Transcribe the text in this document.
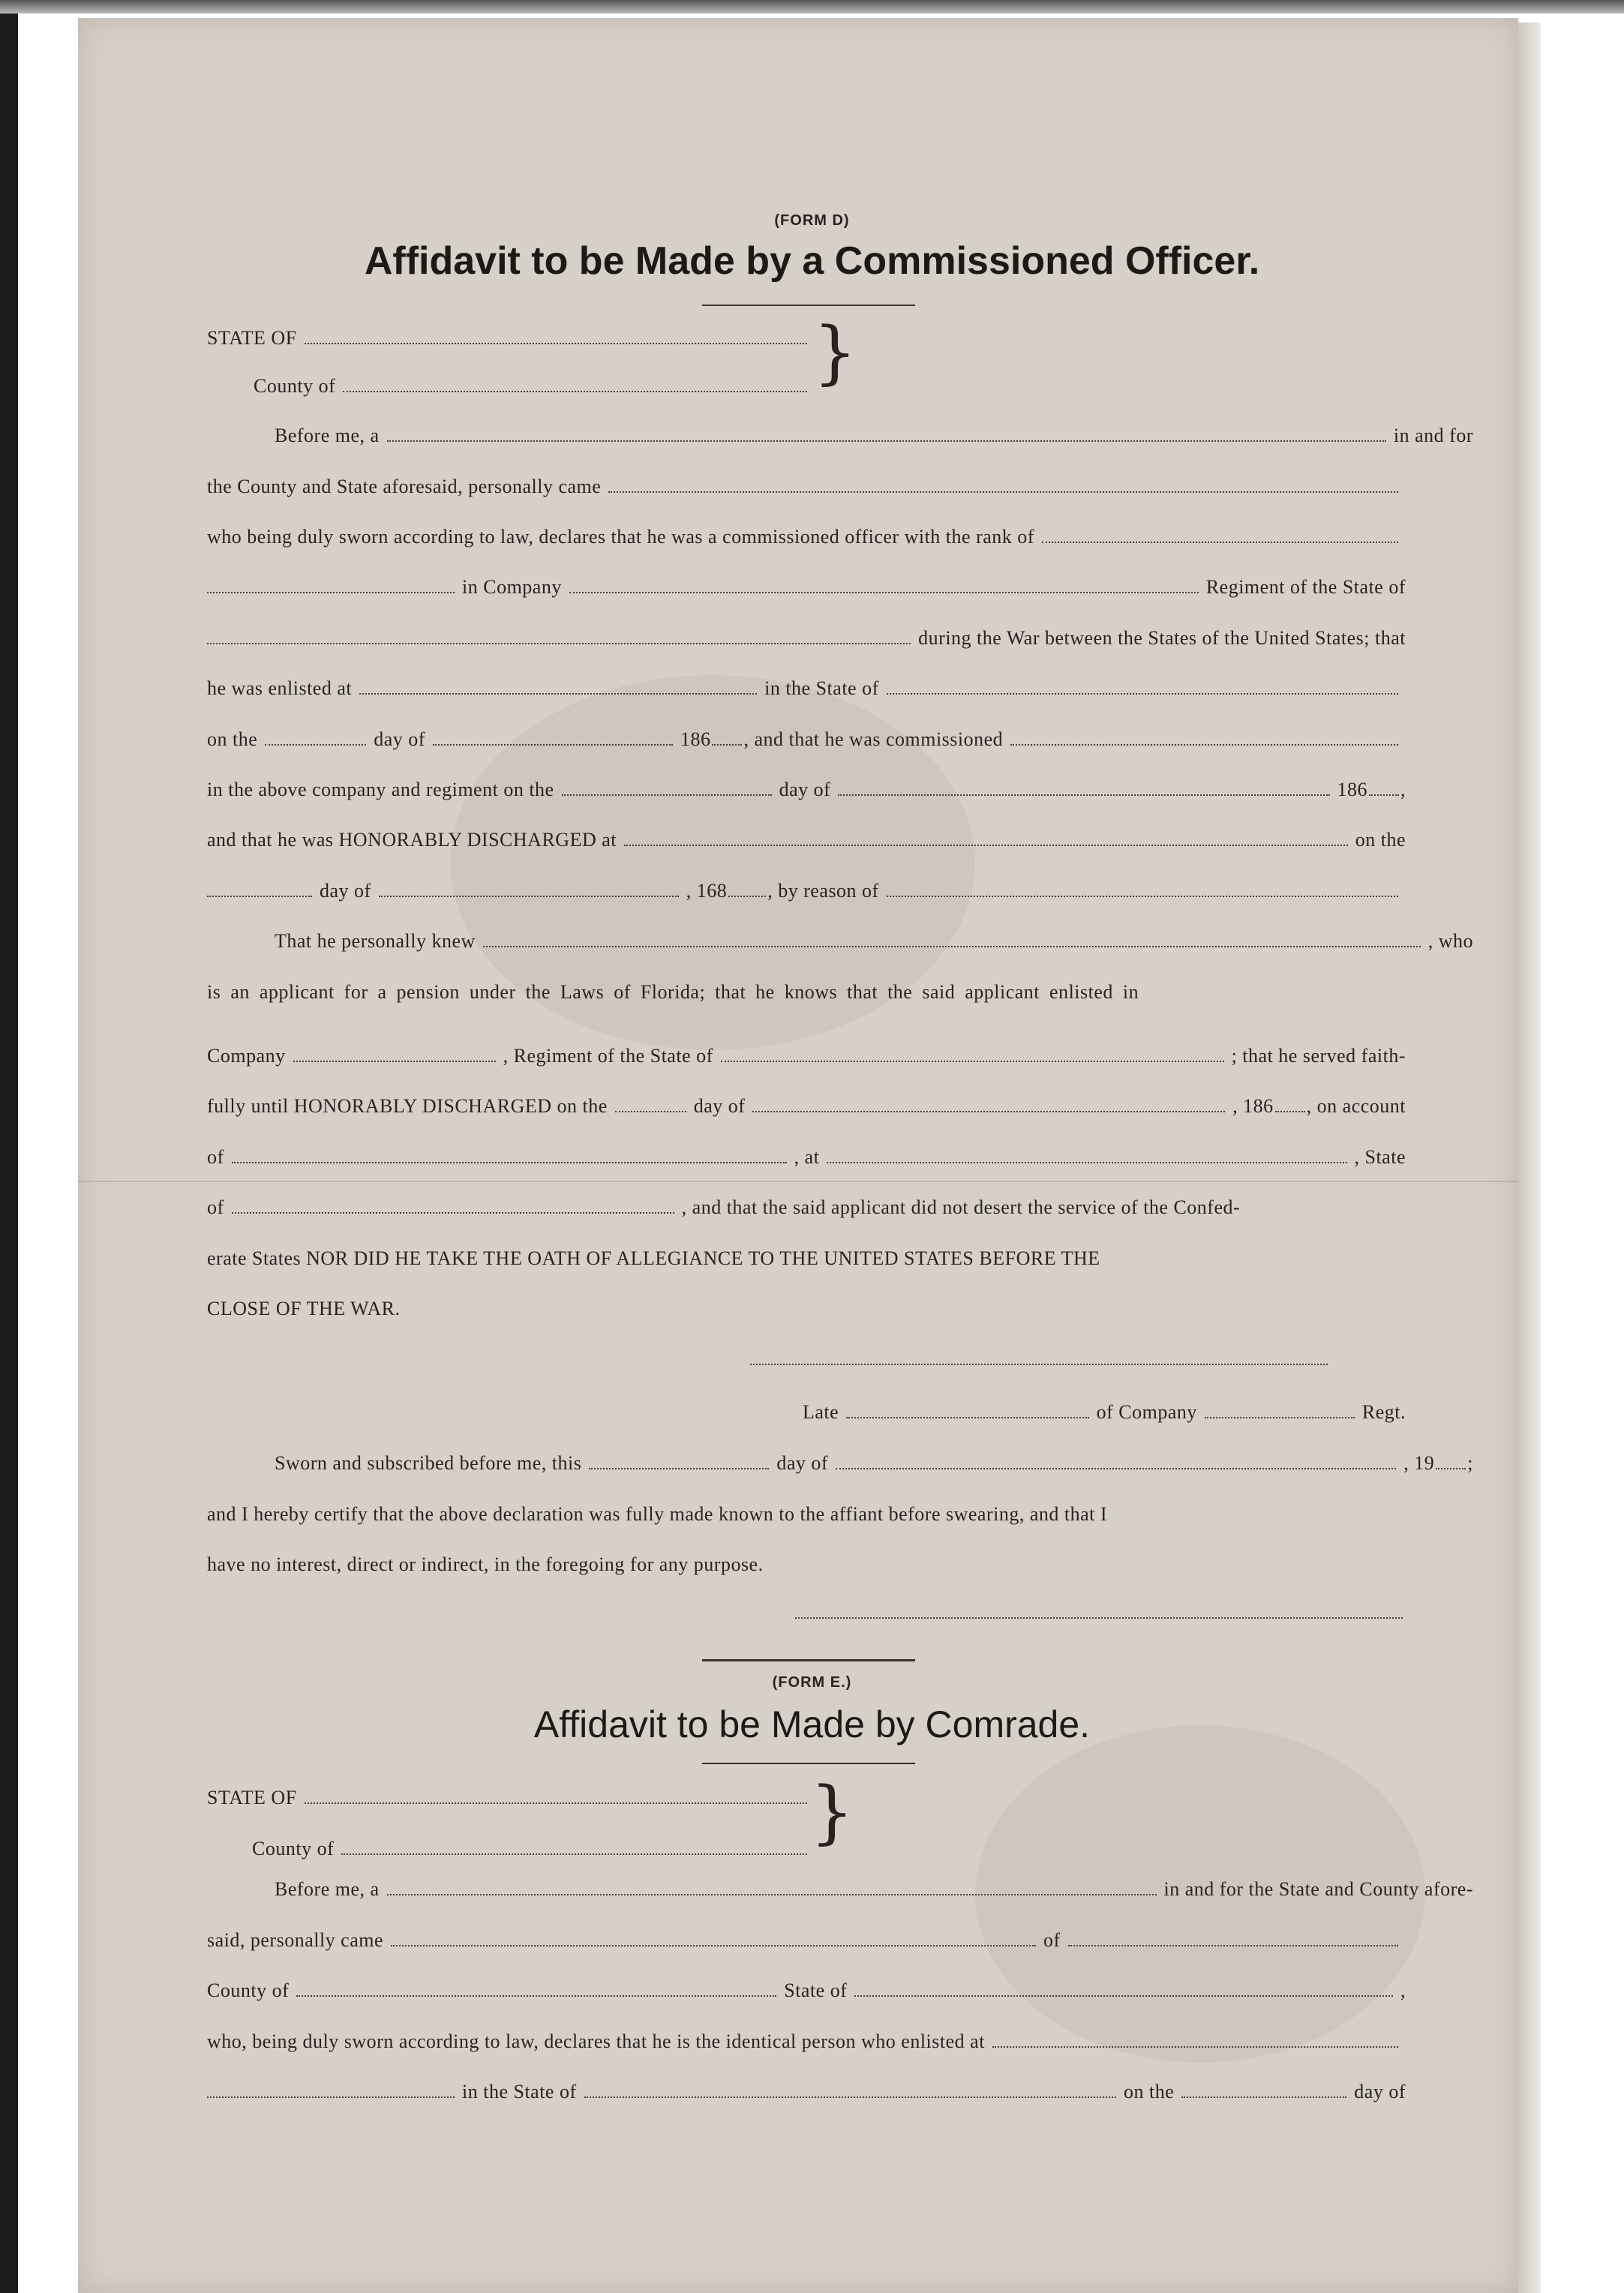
(FORM D)
Affidavit to be Made by a Commissioned Officer.
STATE OF
County of	}
Before me, a	in and for
the County and State aforesaid, personally came
who being duly sworn according to law, declares that he was a commissioned officer with the rank of
in Company	Regiment of the State of
during the War between the States of the United States; that
he was enlisted at	in the State of
on the	day of	186 , and that he was commissioned
in the above company and regiment on the	day of	186 ,
and that he was HONORABLY DISCHARGED at	on the
day of	, 168 , by reason of
That he personally knew	, who
is an applicant for a pension under the Laws of Florida; that he knows that the said applicant enlisted in
Company	, Regiment of the State of	; that he served faith-
fully until HONORABLY DISCHARGED on the	day of	, 186 , on account
of	, at	, State
of	, and that the said applicant did not desert the service of the Confed-
erate States NOR DID HE TAKE THE OATH OF ALLEGIANCE TO THE UNITED STATES BEFORE THE
CLOSE OF THE WAR.
Late	of Company	Regt.
Sworn and subscribed before me, this	day of	, 19 ;
and I hereby certify that the above declaration was fully made known to the affiant before swearing, and that I
have no interest, direct or indirect, in the foregoing for any purpose.
(FORM E.)
Affidavit to be Made by Comrade.
STATE OF
County of	}
Before me, a	in and for the State and County afore-
said, personally came	of
County of	State of	,
who, being duly sworn according to law, declares that he is the identical person who enlisted at
in the State of	on the	day of
